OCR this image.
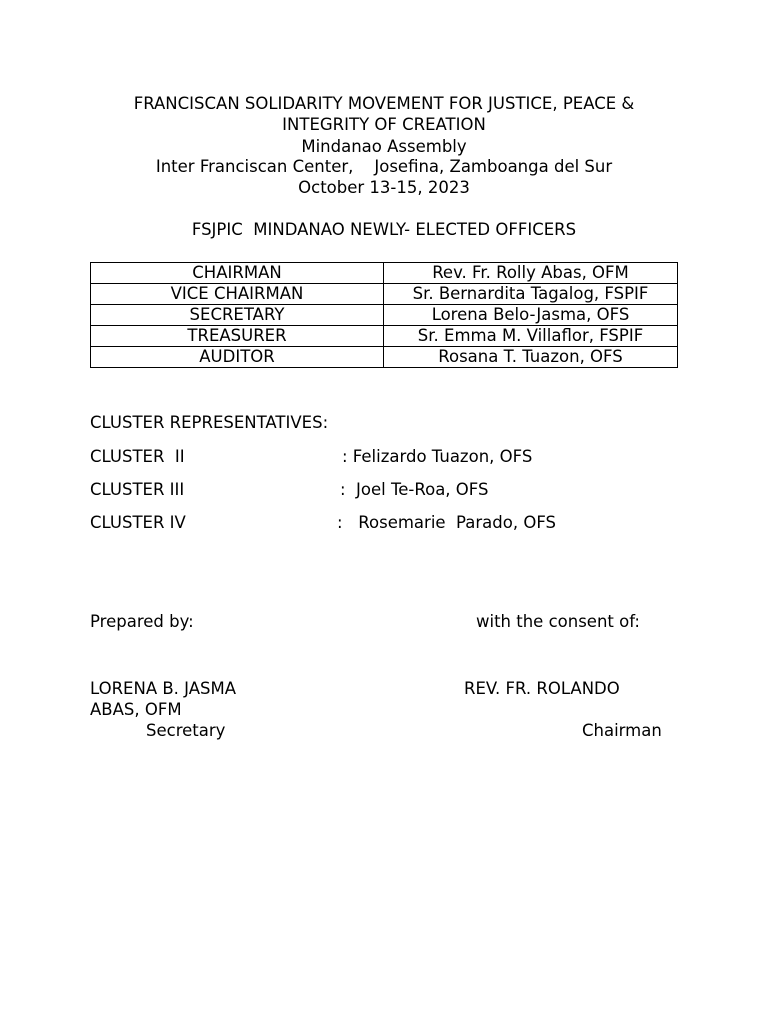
FRANCISCAN SOLIDARITY MOVEMENT FOR JUSTICE, PEACE &
INTEGRITY OF CREATION
Mindanao Assembly
Inter Franciscan Center,    Josefina, Zamboanga del Sur
October 13-15, 2023
FSJPIC  MINDANAO NEWLY- ELECTED OFFICERS
CHAIRMAN	Rev. Fr. Rolly Abas, OFM
VICE CHAIRMAN	Sr. Bernardita Tagalog, FSPIF
SECRETARY	Lorena Belo-Jasma, OFS
TREASURER	Sr. Emma M. Villaflor, FSPIF
AUDITOR	Rosana T. Tuazon, OFS
CLUSTER REPRESENTATIVES:
CLUSTER  II	: Felizardo Tuazon, OFS
CLUSTER III	:  Joel Te-Roa, OFS
CLUSTER IV	:   Rosemarie  Parado, OFS
Prepared by:	with the consent of:
LORENA B. JASMA	REV. FR. ROLANDO
ABAS, OFM
Secretary	Chairman
